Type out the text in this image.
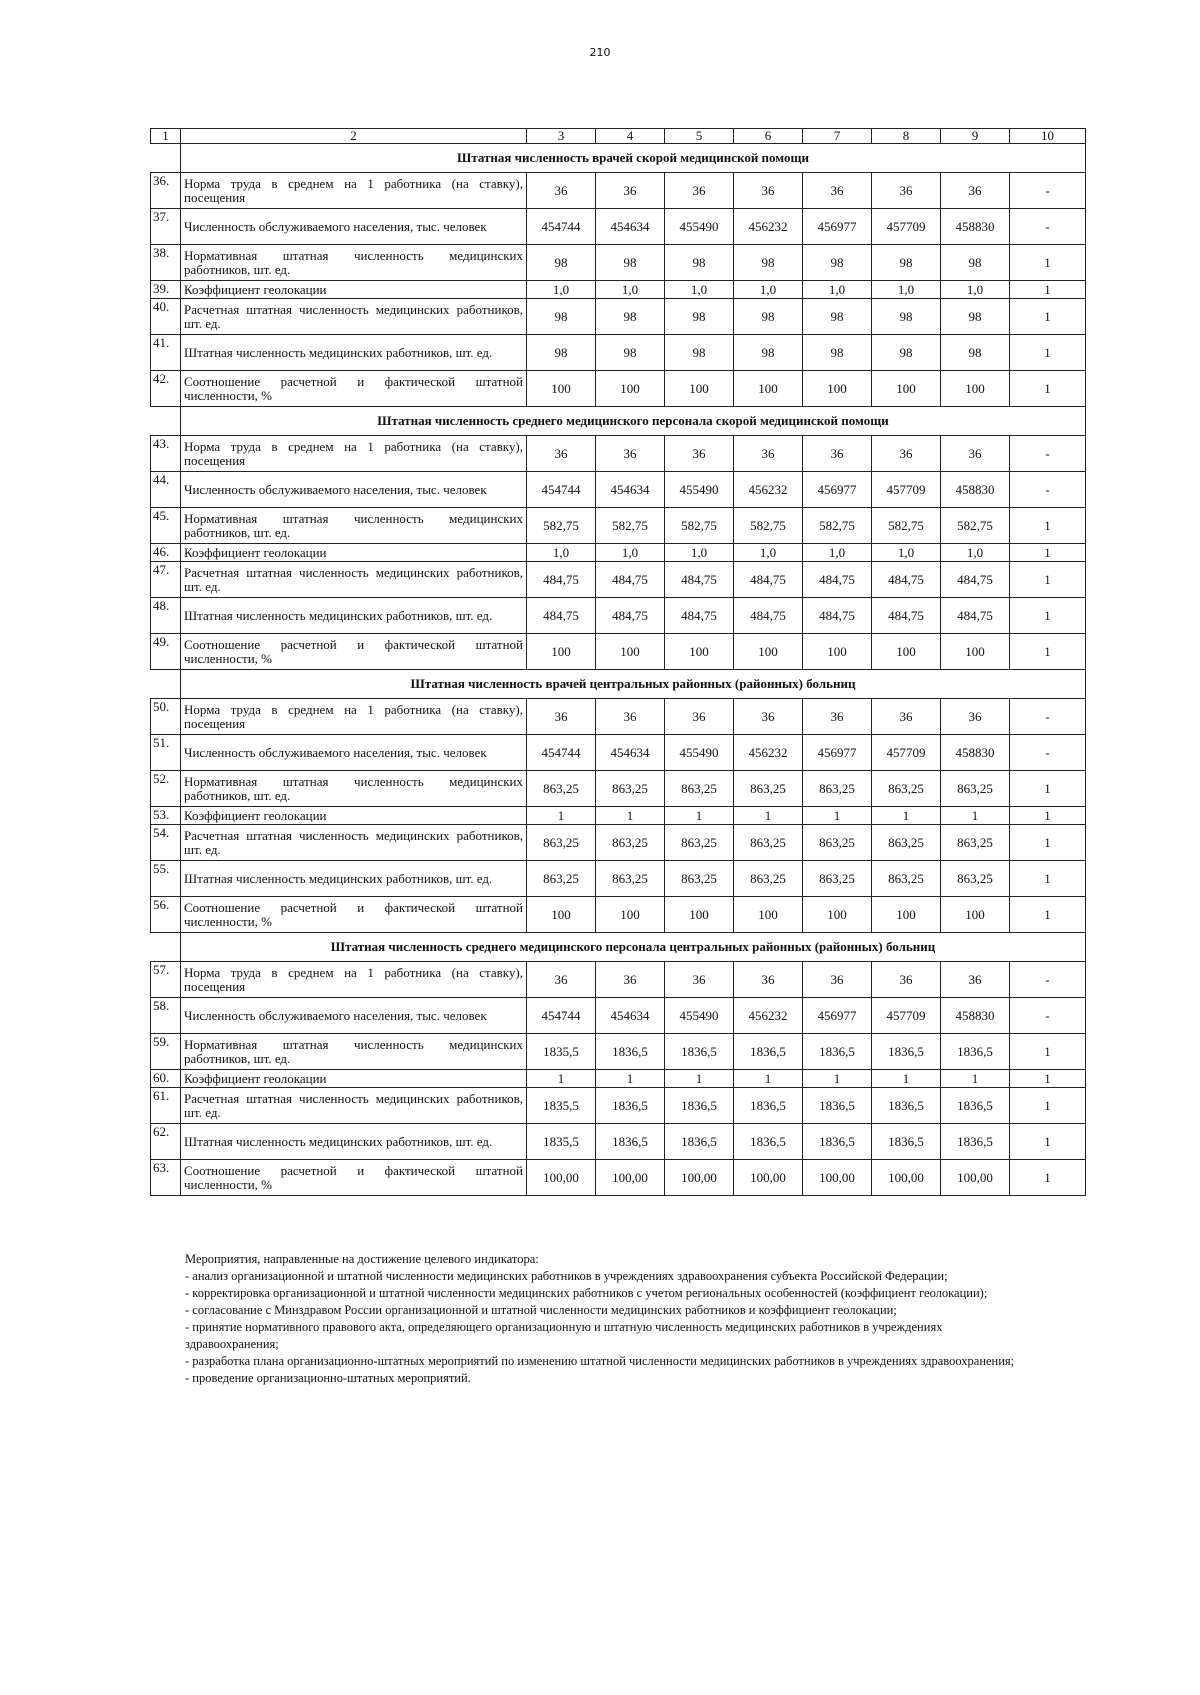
210
1	2	3	4	5	6	7	8	9	10
	Штатная численность врачей скорой медицинской помощи								
36.	Норма труда в среднем на 1 работника (на ставку), посещения	36	36	36	36	36	36	36	-
37.	Численность обслуживаемого населения, тыс. человек	454744	454634	455490	456232	456977	457709	458830	-
38.	Нормативная штатная численность медицинских работников, шт. ед.	98	98	98	98	98	98	98	1
39.	Коэффициент геолокации	1,0	1,0	1,0	1,0	1,0	1,0	1,0	1
40.	Расчетная штатная численность медицинских работников, шт. ед.	98	98	98	98	98	98	98	1
41.	Штатная численность медицинских работников, шт. ед.	98	98	98	98	98	98	98	1
42.	Соотношение расчетной и фактической штатной численности, %	100	100	100	100	100	100	100	1
	Штатная численность среднего медицинского персонала скорой медицинской помощи								
43.	Норма труда в среднем на 1 работника (на ставку), посещения	36	36	36	36	36	36	36	-
44.	Численность обслуживаемого населения, тыс. человек	454744	454634	455490	456232	456977	457709	458830	-
45.	Нормативная штатная численность медицинских работников, шт. ед.	582,75	582,75	582,75	582,75	582,75	582,75	582,75	1
46.	Коэффициент геолокации	1,0	1,0	1,0	1,0	1,0	1,0	1,0	1
47.	Расчетная штатная численность медицинских работников, шт. ед.	484,75	484,75	484,75	484,75	484,75	484,75	484,75	1
48.	Штатная численность медицинских работников, шт. ед.	484,75	484,75	484,75	484,75	484,75	484,75	484,75	1
49.	Соотношение расчетной и фактической штатной численности, %	100	100	100	100	100	100	100	1
	Штатная численность врачей центральных районных (районных) больниц								
50.	Норма труда в среднем на 1 работника (на ставку), посещения	36	36	36	36	36	36	36	-
51.	Численность обслуживаемого населения, тыс. человек	454744	454634	455490	456232	456977	457709	458830	-
52.	Нормативная штатная численность медицинских работников, шт. ед.	863,25	863,25	863,25	863,25	863,25	863,25	863,25	1
53.	Коэффициент геолокации	1	1	1	1	1	1	1	1
54.	Расчетная штатная численность медицинских работников, шт. ед.	863,25	863,25	863,25	863,25	863,25	863,25	863,25	1
55.	Штатная численность медицинских работников, шт. ед.	863,25	863,25	863,25	863,25	863,25	863,25	863,25	1
56.	Соотношение расчетной и фактической штатной численности, %	100	100	100	100	100	100	100	1
	Штатная численность среднего медицинского персонала центральных районных (районных) больниц								
57.	Норма труда в среднем на 1 работника (на ставку), посещения	36	36	36	36	36	36	36	-
58.	Численность обслуживаемого населения, тыс. человек	454744	454634	455490	456232	456977	457709	458830	-
59.	Нормативная штатная численность медицинских работников, шт. ед.	1835,5	1836,5	1836,5	1836,5	1836,5	1836,5	1836,5	1
60.	Коэффициент геолокации	1	1	1	1	1	1	1	1
61.	Расчетная штатная численность медицинских работников, шт. ед.	1835,5	1836,5	1836,5	1836,5	1836,5	1836,5	1836,5	1
62.	Штатная численность медицинских работников, шт. ед.	1835,5	1836,5	1836,5	1836,5	1836,5	1836,5	1836,5	1
63.	Соотношение расчетной и фактической штатной численности, %	100,00	100,00	100,00	100,00	100,00	100,00	100,00	1
Мероприятия, направленные на достижение целевого индикатора:
- анализ организационной и штатной численности медицинских работников в учреждениях здравоохранения субъекта Российской Федерации;
- корректировка организационной и штатной численности медицинских работников с учетом региональных особенностей (коэффициент геолокации);
- согласование с Минздравом России организационной и штатной численности медицинских работников и коэффициент геолокации;
- принятие нормативного правового акта, определяющего организационную и штатную численность медицинских работников в учреждениях здравоохранения;
- разработка плана организационно-штатных мероприятий по изменению штатной численности медицинских работников в учреждениях здравоохранения;
- проведение организационно-штатных мероприятий.
